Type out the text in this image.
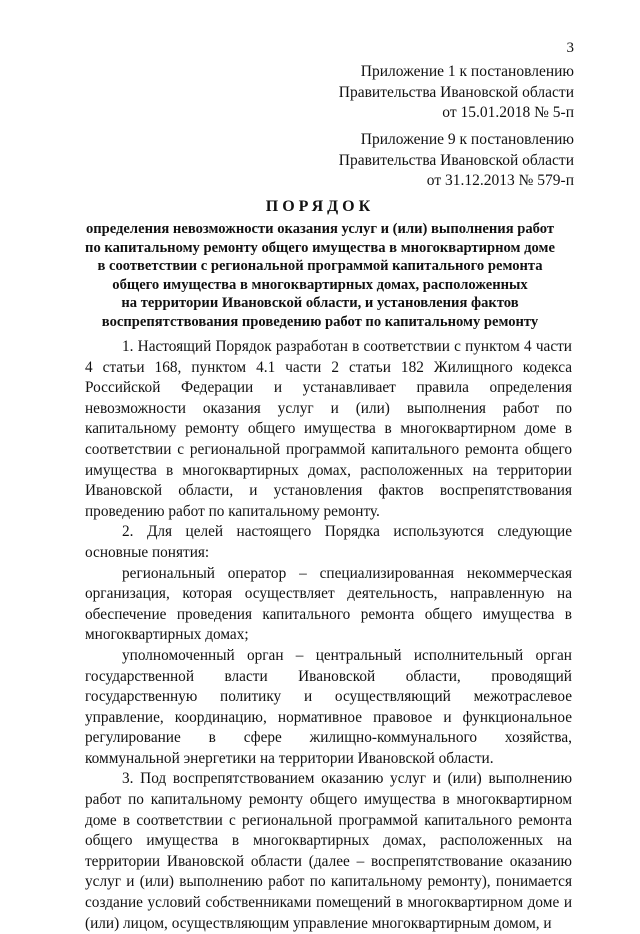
3
Приложение 1 к постановлению
Правительства Ивановской области
от 15.01.2018 № 5-п
Приложение 9 к постановлению
Правительства Ивановской области
от 31.12.2013 № 579-п
ПОРЯДОК
определения невозможности оказания услуг и (или) выполнения работ
по капитальному ремонту общего имущества в многоквартирном доме
в соответствии с региональной программой капитального ремонта
общего имущества в многоквартирных домах, расположенных
на территории Ивановской области, и установления фактов
воспрепятствования проведению работ по капитальному ремонту

1. Настоящий Порядок разработан в соответствии с пунктом 4 части 4 статьи 168, пунктом 4.1 части 2 статьи 182 Жилищного кодекса Российской Федерации и устанавливает правила определения невозможности оказания услуг и (или) выполнения работ по капитальному ремонту общего имущества в многоквартирном доме в соответствии с региональной программой капитального ремонта общего имущества в многоквартирных домах, расположенных на территории Ивановской области, и установления фактов воспрепятствования проведению работ по капитальному ремонту.

2. Для целей настоящего Порядка используются следующие основные понятия:

региональный оператор – специализированная некоммерческая организация, которая осуществляет деятельность, направленную на обеспечение проведения капитального ремонта общего имущества в многоквартирных домах;

уполномоченный орган – центральный исполнительный орган государственной власти Ивановской области, проводящий государственную политику и осуществляющий межотраслевое управление, координацию, нормативное правовое и функциональное регулирование в сфере жилищно-коммунального хозяйства, коммунальной энергетики на территории Ивановской области.

3. Под воспрепятствованием оказанию услуг и (или) выполнению работ по капитальному ремонту общего имущества в многоквартирном доме в соответствии с региональной программой капитального ремонта общего имущества в многоквартирных домах, расположенных на территории Ивановской области (далее – воспрепятствование оказанию услуг и (или) выполнению работ по капитальному ремонту), понимается создание условий собственниками помещений в многоквартирном доме и (или) лицом, осуществляющим управление многоквартирным домом, и
